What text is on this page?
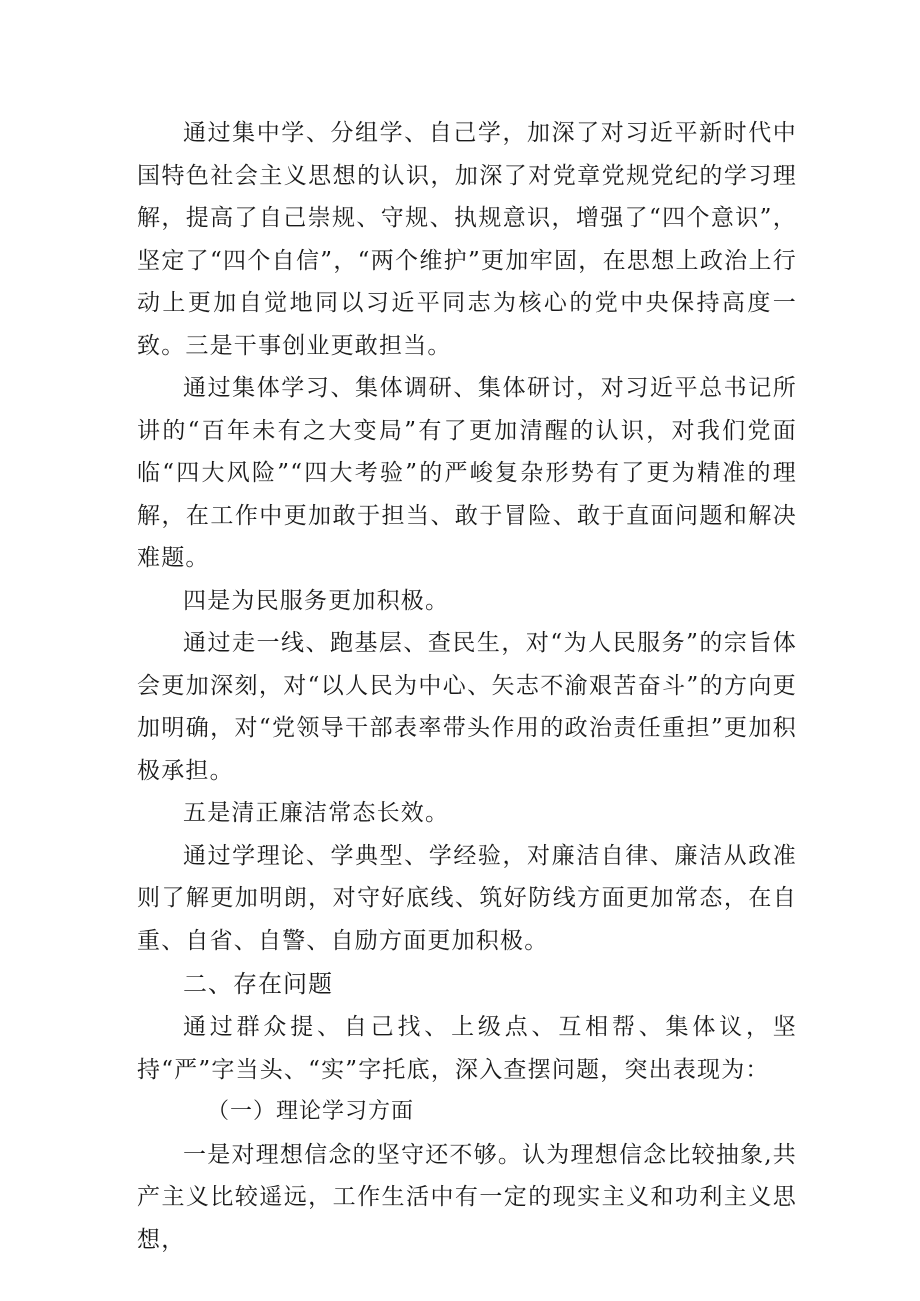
通过集中学、分组学、自己学，加深了对习近平新时代中国特色社会主义思想的认识，加深了对党章党规党纪的学习理解，提高了自己崇规、守规、执规意识，增强了“四个意识”，坚定了“四个自信”，“两个维护”更加牢固，在思想上政治上行动上更加自觉地同以习近平同志为核心的党中央保持高度一致。三是干事创业更敢担当。

通过集体学习、集体调研、集体研讨，对习近平总书记所讲的“百年未有之大变局”有了更加清醒的认识，对我们党面临“四大风险”“四大考验”的严峻复杂形势有了更为精准的理解，在工作中更加敢于担当、敢于冒险、敢于直面问题和解决难题。

四是为民服务更加积极。

通过走一线、跑基层、查民生，对“为人民服务”的宗旨体会更加深刻，对“以人民为中心、矢志不渝艰苦奋斗”的方向更加明确，对“党领导干部表率带头作用的政治责任重担”更加积极承担。

五是清正廉洁常态长效。

通过学理论、学典型、学经验，对廉洁自律、廉洁从政准则了解更加明朗，对守好底线、筑好防线方面更加常态，在自重、自省、自警、自励方面更加积极。

二、存在问题

通过群众提、自己找、上级点、互相帮、集体议，坚持“严”字当头、“实”字托底，深入查摆问题，突出表现为：

（一）理论学习方面

一是对理想信念的坚守还不够。认为理想信念比较抽象,共产主义比较遥远，工作生活中有一定的现实主义和功利主义思想，
